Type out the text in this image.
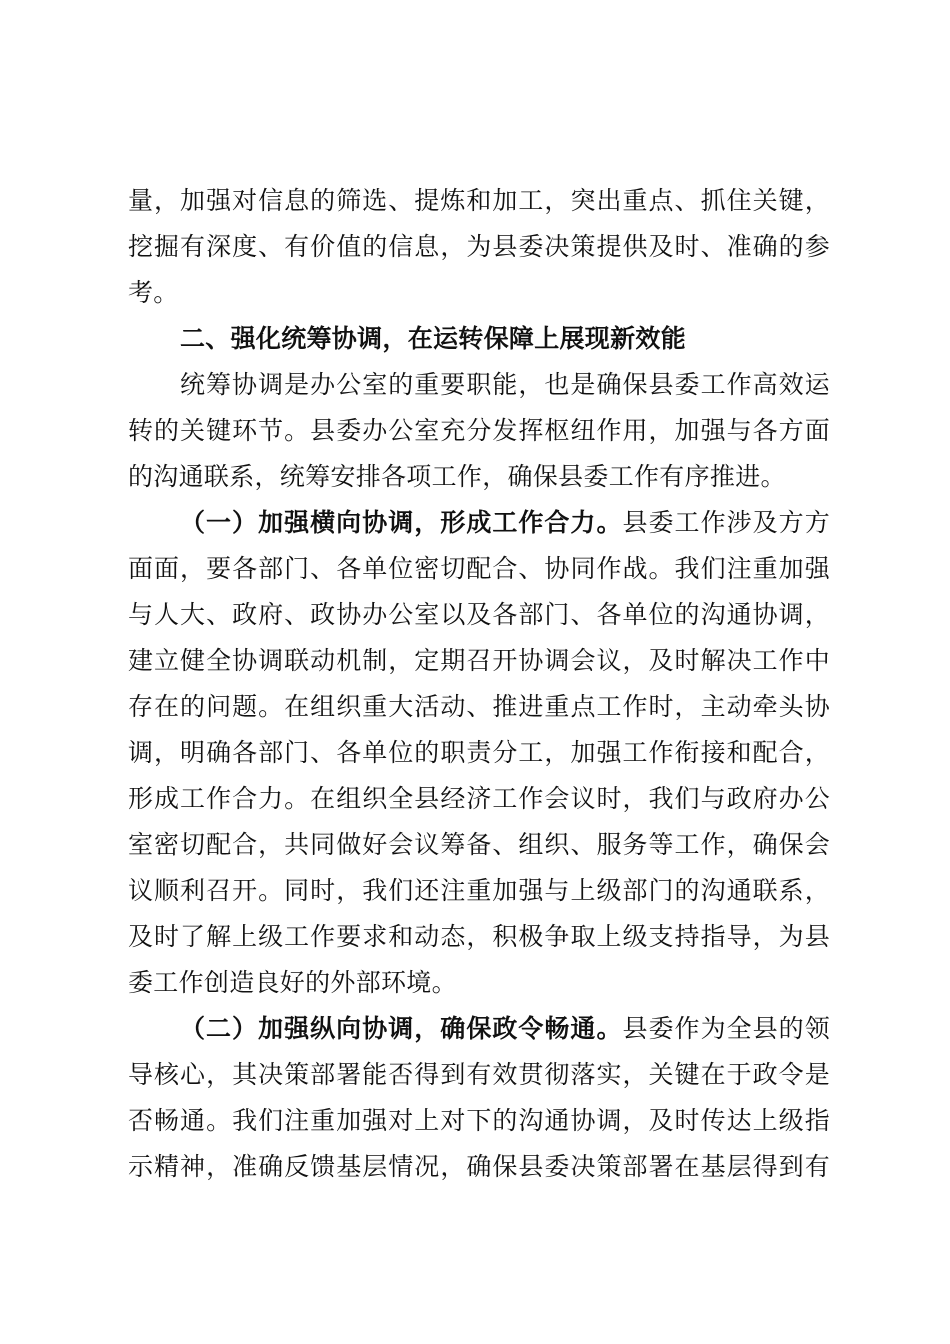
量，加强对信息的筛选、提炼和加工，突出重点、抓住关键，
挖掘有深度、有价值的信息，为县委决策提供及时、准确的参
考。
二、强化统筹协调，在运转保障上展现新效能
统筹协调是办公室的重要职能，也是确保县委工作高效运
转的关键环节。县委办公室充分发挥枢纽作用，加强与各方面
的沟通联系，统筹安排各项工作，确保县委工作有序推进。
（一）加强横向协调，形成工作合力。县委工作涉及方方
面面，要各部门、各单位密切配合、协同作战。我们注重加强
与人大、政府、政协办公室以及各部门、各单位的沟通协调，
建立健全协调联动机制，定期召开协调会议，及时解决工作中
存在的问题。在组织重大活动、推进重点工作时，主动牵头协
调，明确各部门、各单位的职责分工，加强工作衔接和配合，
形成工作合力。在组织全县经济工作会议时，我们与政府办公
室密切配合，共同做好会议筹备、组织、服务等工作，确保会
议顺利召开。同时，我们还注重加强与上级部门的沟通联系，
及时了解上级工作要求和动态，积极争取上级支持指导，为县
委工作创造良好的外部环境。
（二）加强纵向协调，确保政令畅通。县委作为全县的领
导核心，其决策部署能否得到有效贯彻落实，关键在于政令是
否畅通。我们注重加强对上对下的沟通协调，及时传达上级指
示精神，准确反馈基层情况，确保县委决策部署在基层得到有
